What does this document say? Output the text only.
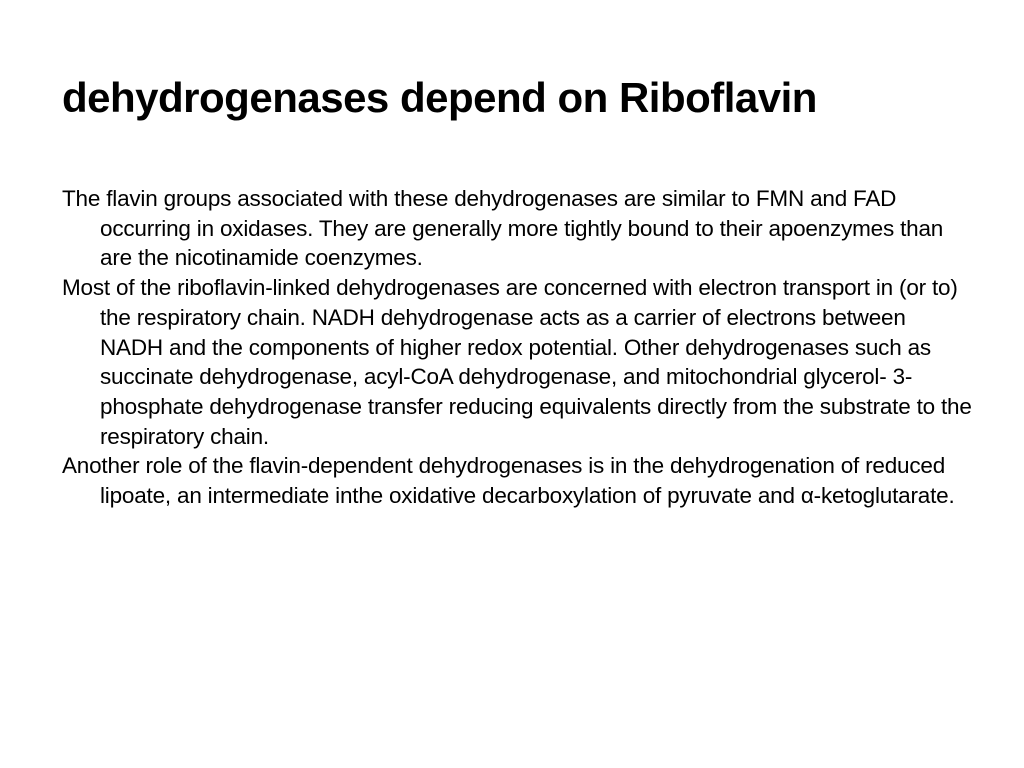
dehydrogenases depend on Riboflavin
The flavin groups associated with these dehydrogenases are similar to FMN and FAD occurring in oxidases. They are generally more tightly bound to their apoenzymes than are the nicotinamide coenzymes.
Most of the riboflavin-linked dehydrogenases are concerned with electron transport in (or to) the respiratory chain. NADH dehydrogenase acts as a carrier of electrons between NADH and the components of higher redox potential. Other dehydrogenases such as succinate dehydrogenase, acyl-CoA dehydrogenase, and mitochondrial glycerol- 3-phosphate dehydrogenase transfer reducing equivalents directly from the substrate to the respiratory chain.
Another role of the flavin-dependent dehydrogenases is in the dehydrogenation of reduced lipoate, an intermediate inthe oxidative decarboxylation of pyruvate and α-ketoglutarate.
